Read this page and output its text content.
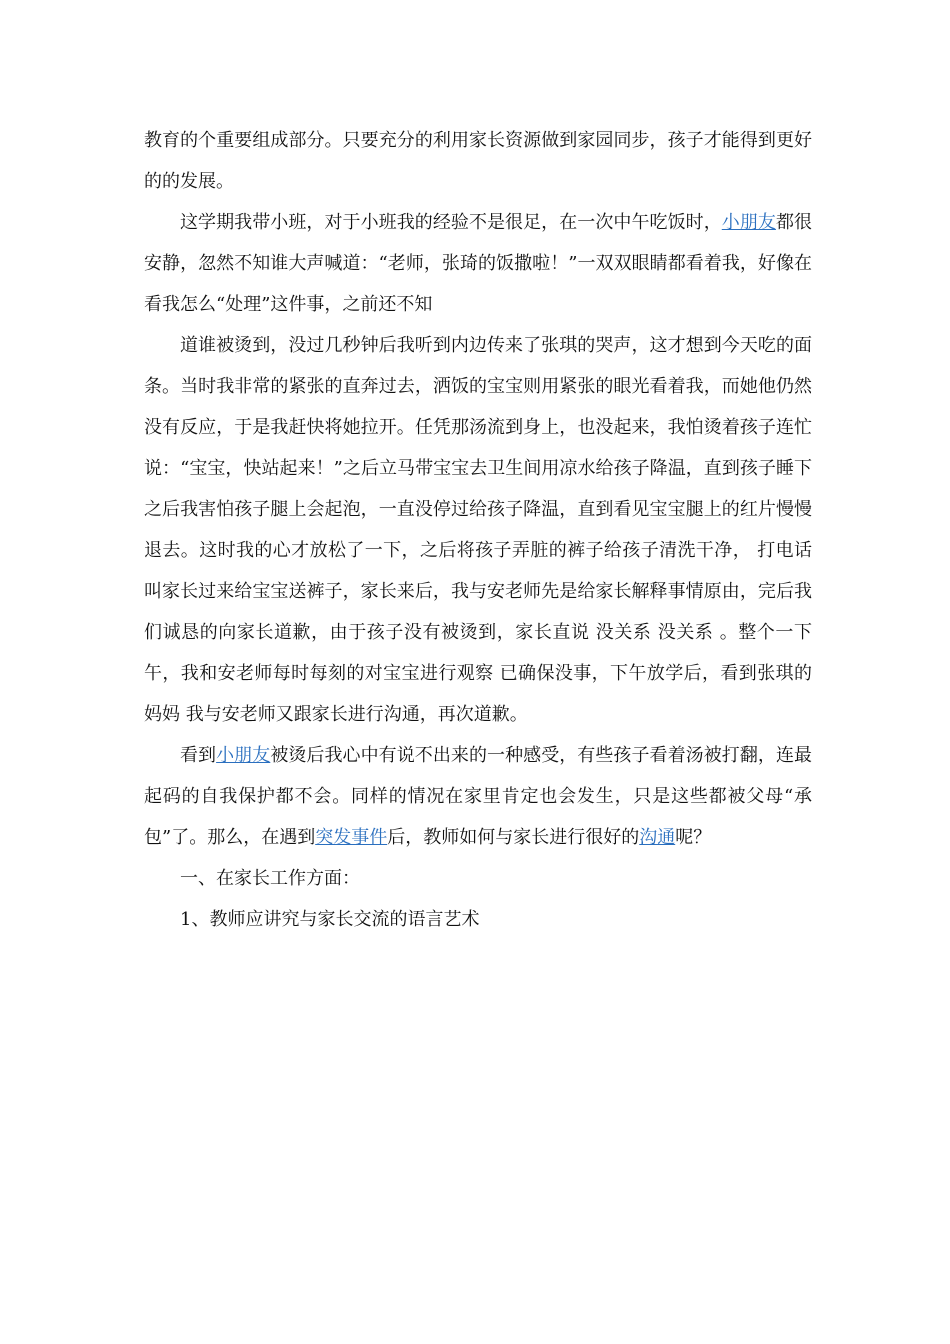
教育的个重要组成部分。只要充分的利用家长资源做到家园同步，孩子才能得到更好的的发展。

这学期我带小班，对于小班我的经验不是很足，在一次中午吃饭时，小朋友都很安静，忽然不知谁大声喊道：“老师，张琦的饭撒啦！”一双双眼睛都看着我，好像在看我怎么“处理”这件事，之前还不知

道谁被烫到，没过几秒钟后我听到内边传来了张琪的哭声，这才想到今天吃的面条。当时我非常的紧张的直奔过去，洒饭的宝宝则用紧张的眼光看着我，而她他仍然没有反应，于是我赶快将她拉开。任凭那汤流到身上，也没起来，我怕烫着孩子连忙说：“宝宝，快站起来！”之后立马带宝宝去卫生间用凉水给孩子降温，直到孩子睡下之后我害怕孩子腿上会起泡，一直没停过给孩子降温，直到看见宝宝腿上的红片慢慢退去。这时我的心才放松了一下，之后将孩子弄脏的裤子给孩子清洗干净， 打电话叫家长过来给宝宝送裤子，家长来后，我与安老师先是给家长解释事情原由，完后我们诚恳的向家长道歉，由于孩子没有被烫到，家长直说 没关系 没关系 。整个一下午，我和安老师每时每刻的对宝宝进行观察 已确保没事，下午放学后，看到张琪的妈妈 我与安老师又跟家长进行沟通，再次道歉。

看到小朋友被烫后我心中有说不出来的一种感受，有些孩子看着汤被打翻，连最起码的自我保护都不会。同样的情况在家里肯定也会发生，只是这些都被父母“承包”了。那么，在遇到突发事件后，教师如何与家长进行很好的沟通呢？

一、在家长工作方面：

1、教师应讲究与家长交流的语言艺术
